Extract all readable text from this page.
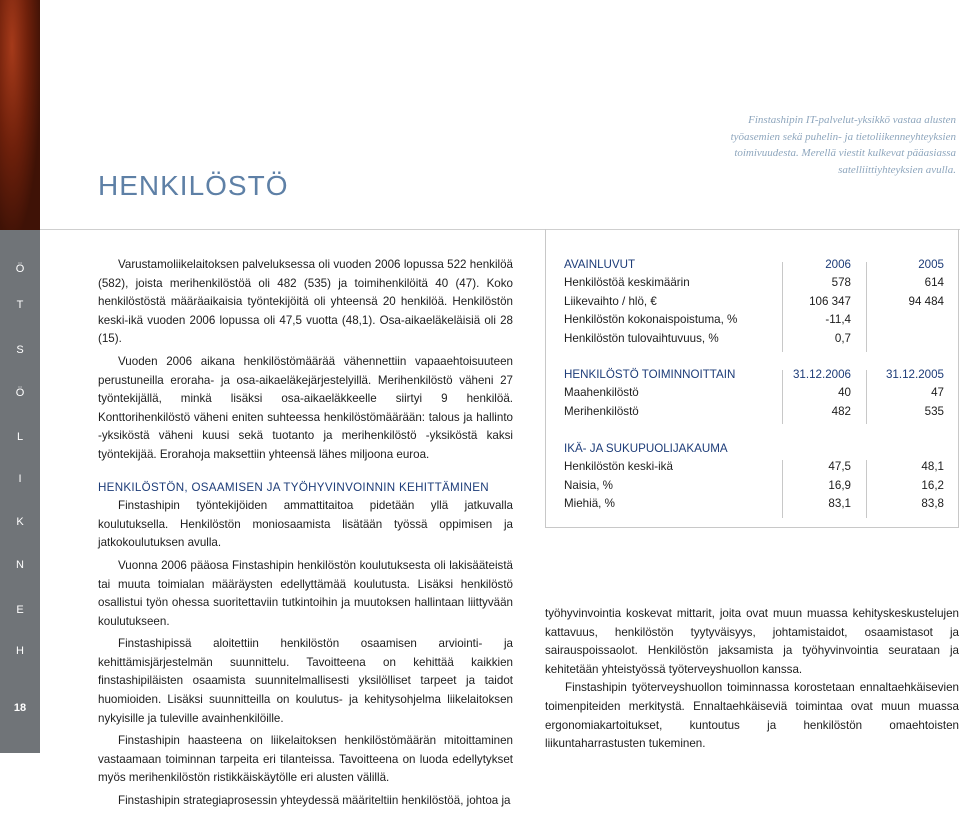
Ö
T
S
Ö
L
I
K
N
E
H
18
HENKILÖSTÖ
Finstashipin IT-palvelut-yksikkö vastaa alusten työasemien sekä puhelin- ja tietoliikenneyhteyksien toimivuudesta. Merellä viestit kulkevat pääasiassa satelliittiyhteyksien avulla.

Varustamoliikelaitoksen palveluksessa oli vuoden 2006 lopussa 522 henkilöä (582), joista merihenkilöstöä oli 482 (535) ja toimihenkilöitä 40 (47). Koko henkilöstöstä määräaikaisia työntekijöitä oli yhteensä 20 henkilöä. Henkilöstön keski-ikä vuoden 2006 lopussa oli 47,5 vuotta (48,1). Osa-aikaeläkeläisiä oli 28 (15).

Vuoden 2006 aikana henkilöstömäärää vähennettiin vapaaehtoisuuteen perustuneilla eroraha- ja osa-aikaeläkejärjestelyillä. Merihenkilöstö väheni 27 työntekijällä, minkä lisäksi osa-aikaeläkkeelle siirtyi 9 henkilöä. Konttorihenkilöstö väheni eniten suhteessa henkilöstömäärään: talous ja hallinto -yksiköstä väheni kuusi sekä tuotanto ja merihenkilöstö -yksiköstä kaksi työntekijää. Erorahoja maksettiin yhteensä lähes miljoona euroa.

HENKILÖSTÖN, OSAAMISEN JA TYÖHYVINVOINNIN KEHITTÄMINEN

Finstashipin työntekijöiden ammattitaitoa pidetään yllä jatkuvalla koulutuksella. Henkilöstön moniosaamista lisätään työssä oppimisen ja jatkokoulutuksen avulla.

Vuonna 2006 pääosa Finstashipin henkilöstön koulutuksesta oli lakisääteistä tai muuta toimialan määräysten edellyttämää koulutusta. Lisäksi henkilöstö osallistui työn ohessa suoritettaviin tutkintoihin ja muutoksen hallintaan liittyvään koulutukseen.

Finstashipissä aloitettiin henkilöstön osaamisen arviointi- ja kehittämisjärjestelmän suunnittelu. Tavoitteena on kehittää kaikkien finstashipiläisten osaamista suunnitelmallisesti yksilölliset tarpeet ja taidot huomioiden. Lisäksi suunnitteilla on koulutus- ja kehitysohjelma liikelaitoksen nykyisille ja tuleville avainhenkilöille.

Finstashipin haasteena on liikelaitoksen henkilöstömäärän mitoittaminen vastaamaan toiminnan tarpeita eri tilanteissa. Tavoitteena on luoda edellytykset myös merihenkilöstön ristikkäiskäytölle eri alusten välillä.

Finstashipin strategiaprosessin yhteydessä määriteltiin henkilöstöä, johtoa ja

AVAINLUVUT	2006	2005
Henkilöstöä keskimäärin	578	614
Liikevaihto / hlö, €	106 347	94 484
Henkilöstön kokonaispoistuma, %	-11,4
Henkilöstön tulovaihtuvuus, %	0,7
HENKILÖSTÖ TOIMINNOITTAIN	31.12.2006	31.12.2005
Maahenkilöstö	40	47
Merihenkilöstö	482	535
IKÄ- JA SUKUPUOLIJAKAUMA
Henkilöstön keski-ikä	47,5	48,1
Naisia, %	16,9	16,2
Miehiä, %	83,1	83,8

työhyvinvointia koskevat mittarit, joita ovat muun muassa kehityskeskustelujen kattavuus, henkilöstön tyytyväisyys, johtamistaidot, osaamistasot ja sairauspoissaolot. Henkilöstön jaksamista ja työhyvinvointia seurataan ja kehitetään yhteistyössä työterveyshuollon kanssa.

Finstashipin työterveyshuollon toiminnassa korostetaan ennaltaehkäisevien toimenpiteiden merkitystä. Ennaltaehkäiseviä toimintaa ovat muun muassa ergonomiakartoitukset, kuntoutus ja henkilöstön omaehtoisten liikuntaharrastusten tukeminen.
